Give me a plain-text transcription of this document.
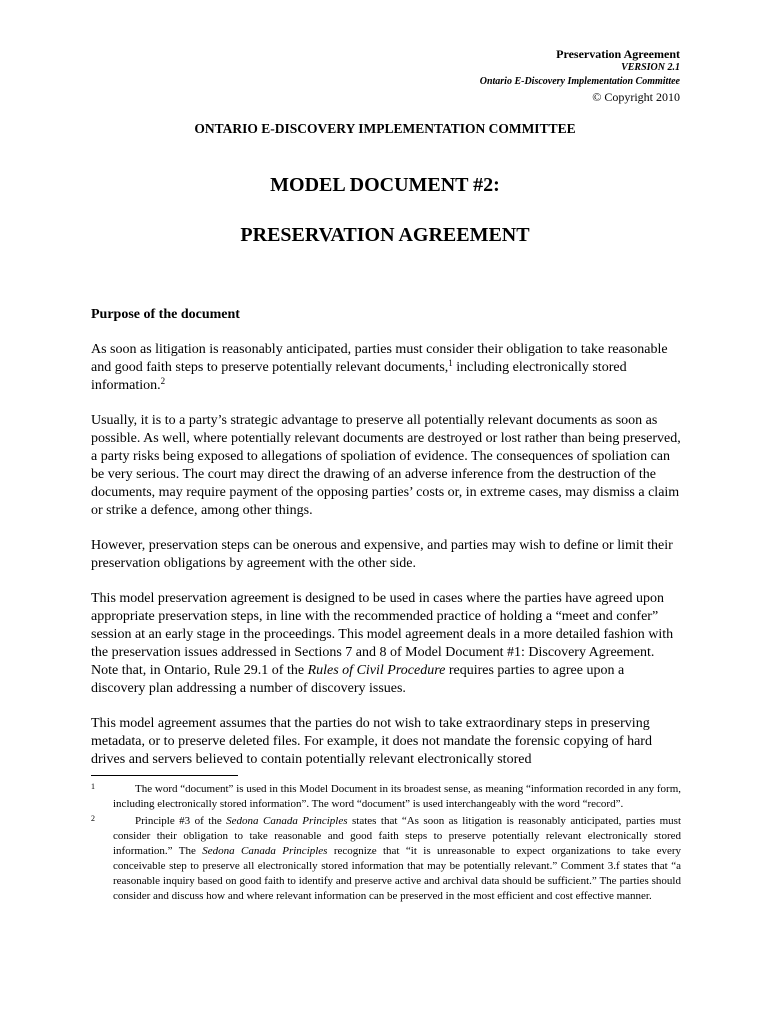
Preservation Agreement
VERSION 2.1
Ontario E-Discovery Implementation Committee
© Copyright 2010
ONTARIO E-DISCOVERY IMPLEMENTATION COMMITTEE
MODEL DOCUMENT #2:
PRESERVATION AGREEMENT

Purpose of the document

As soon as litigation is reasonably anticipated, parties must consider their obligation to take reasonable and good faith steps to preserve potentially relevant documents,$^1$ including electronically stored information.$^2$

Usually, it is to a party’s strategic advantage to preserve all potentially relevant documents as soon as possible. As well, where potentially relevant documents are destroyed or lost rather than being preserved, a party risks being exposed to allegations of spoliation of evidence. The consequences of spoliation can be very serious. The court may direct the drawing of an adverse inference from the destruction of the documents, may require payment of the opposing parties’ costs or, in extreme cases, may dismiss a claim or strike a defence, among other things.

However, preservation steps can be onerous and expensive, and parties may wish to define or limit their preservation obligations by agreement with the other side.

This model preservation agreement is designed to be used in cases where the parties have agreed upon appropriate preservation steps, in line with the recommended practice of holding a “meet and confer” session at an early stage in the proceedings. This model agreement deals in a more detailed fashion with the preservation issues addressed in Sections 7 and 8 of Model Document #1: Discovery Agreement. Note that, in Ontario, Rule 29.1 of the Rules of Civil Procedure requires parties to agree upon a discovery plan addressing a number of discovery issues.

This model agreement assumes that the parties do not wish to take extraordinary steps in preserving metadata, or to preserve deleted files. For example, it does not mandate the forensic copying of hard drives and servers believed to contain potentially relevant electronically stored

1	The word “document” is used in this Model Document in its broadest sense, as meaning “information recorded in any form, including electronically stored information”. The word “document” is used interchangeably with the word “record”.
2	Principle #3 of the Sedona Canada Principles states that “As soon as litigation is reasonably anticipated, parties must consider their obligation to take reasonable and good faith steps to preserve potentially relevant electronically stored information.” The Sedona Canada Principles recognize that “it is unreasonable to expect organizations to take every conceivable step to preserve all electronically stored information that may be potentially relevant.” Comment 3.f states that “a reasonable inquiry based on good faith to identify and preserve active and archival data should be sufficient.” The parties should consider and discuss how and where relevant information can be preserved in the most efficient and cost effective manner.
